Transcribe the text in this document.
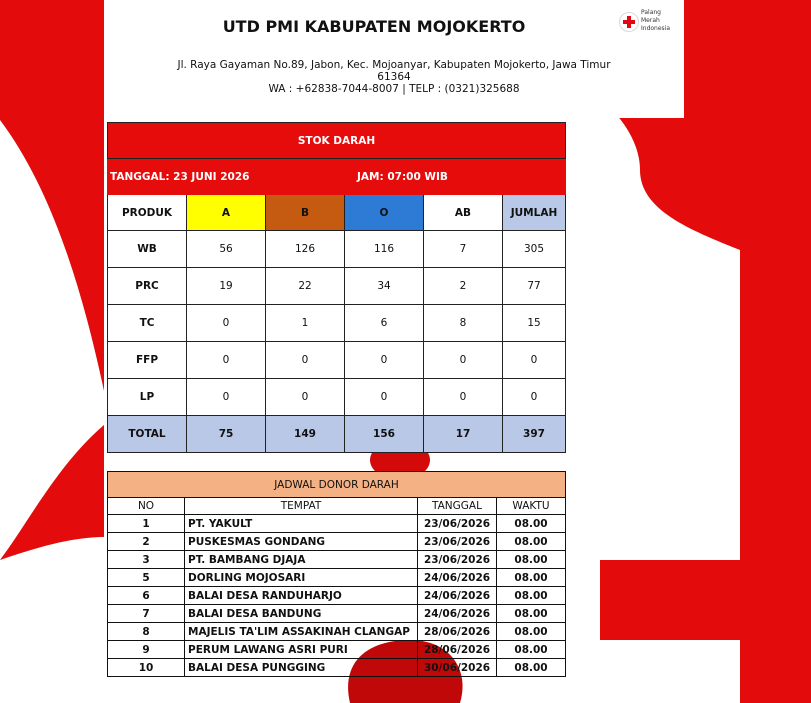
UTD PMI KABUPATEN MOJOKERTO
Palang
Merah
Indonesia
Jl. Raya Gayaman No.89, Jabon, Kec. Mojoanyar, Kabupaten Mojokerto, Jawa Timur
61364
WA : +62838-7044-8007 | TELP : (0321)325688
STOK DARAH					
TANGGAL: 23 JUNI 2026			JAM: 07:00 WIB		
PRODUK	A	B	O	AB	JUMLAH
WB	56	126	116	7	305
PRC	19	22	34	2	77
TC	0	1	6	8	15
FFP	0	0	0	0	0
LP	0	0	0	0	0
TOTAL	75	149	156	17	397
JADWAL DONOR DARAH			
NO	TEMPAT	TANGGAL	WAKTU
1	PT. YAKULT	23/06/2026	08.00
2	PUSKESMAS GONDANG	23/06/2026	08.00
3	PT. BAMBANG DJAJA	23/06/2026	08.00
5	DORLING MOJOSARI	24/06/2026	08.00
6	BALAI DESA RANDUHARJO	24/06/2026	08.00
7	BALAI DESA BANDUNG	24/06/2026	08.00
8	MAJELIS TA'LIM ASSAKINAH CLANGAP	28/06/2026	08.00
9	PERUM LAWANG ASRI PURI	28/06/2026	08.00
10	BALAI DESA PUNGGING	30/06/2026	08.00
